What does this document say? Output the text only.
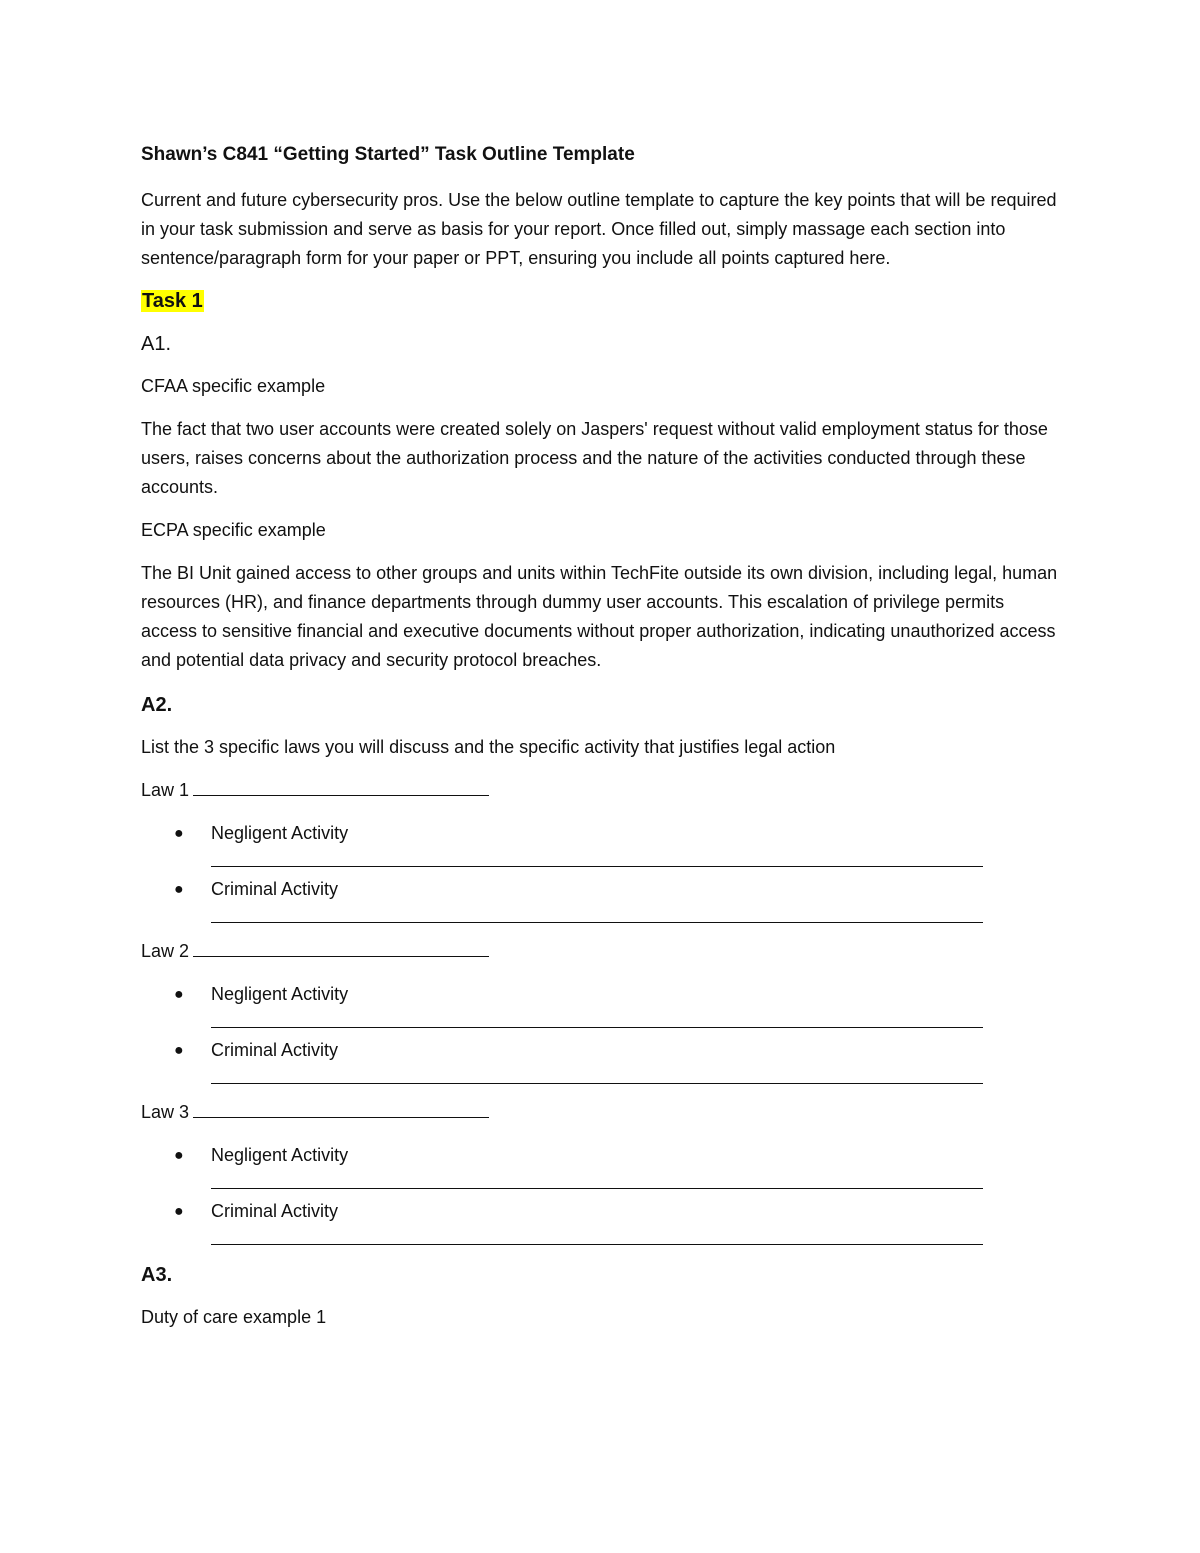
Shawn’s C841 “Getting Started” Task Outline Template
Current and future cybersecurity pros. Use the below outline template to capture the key points that will be required in your task submission and serve as basis for your report. Once filled out, simply massage each section into sentence/paragraph form for your paper or PPT, ensuring you include all points captured here.
Task 1
A1.
CFAA specific example
The fact that two user accounts were created solely on Jaspers' request without valid employment status for those users, raises concerns about the authorization process and the nature of the activities conducted through these accounts.
ECPA specific example
The BI Unit gained access to other groups and units within TechFite outside its own division, including legal, human resources (HR), and finance departments through dummy user accounts. This escalation of privilege permits access to sensitive financial and executive documents without proper authorization, indicating unauthorized access and potential data privacy and security protocol breaches.
A2.
List the 3 specific laws you will discuss and the specific activity that justifies legal action
Law 1
● Negligent Activity
● Criminal Activity
Law 2
● Negligent Activity
● Criminal Activity
Law 3
● Negligent Activity
● Criminal Activity
A3.
Duty of care example 1
